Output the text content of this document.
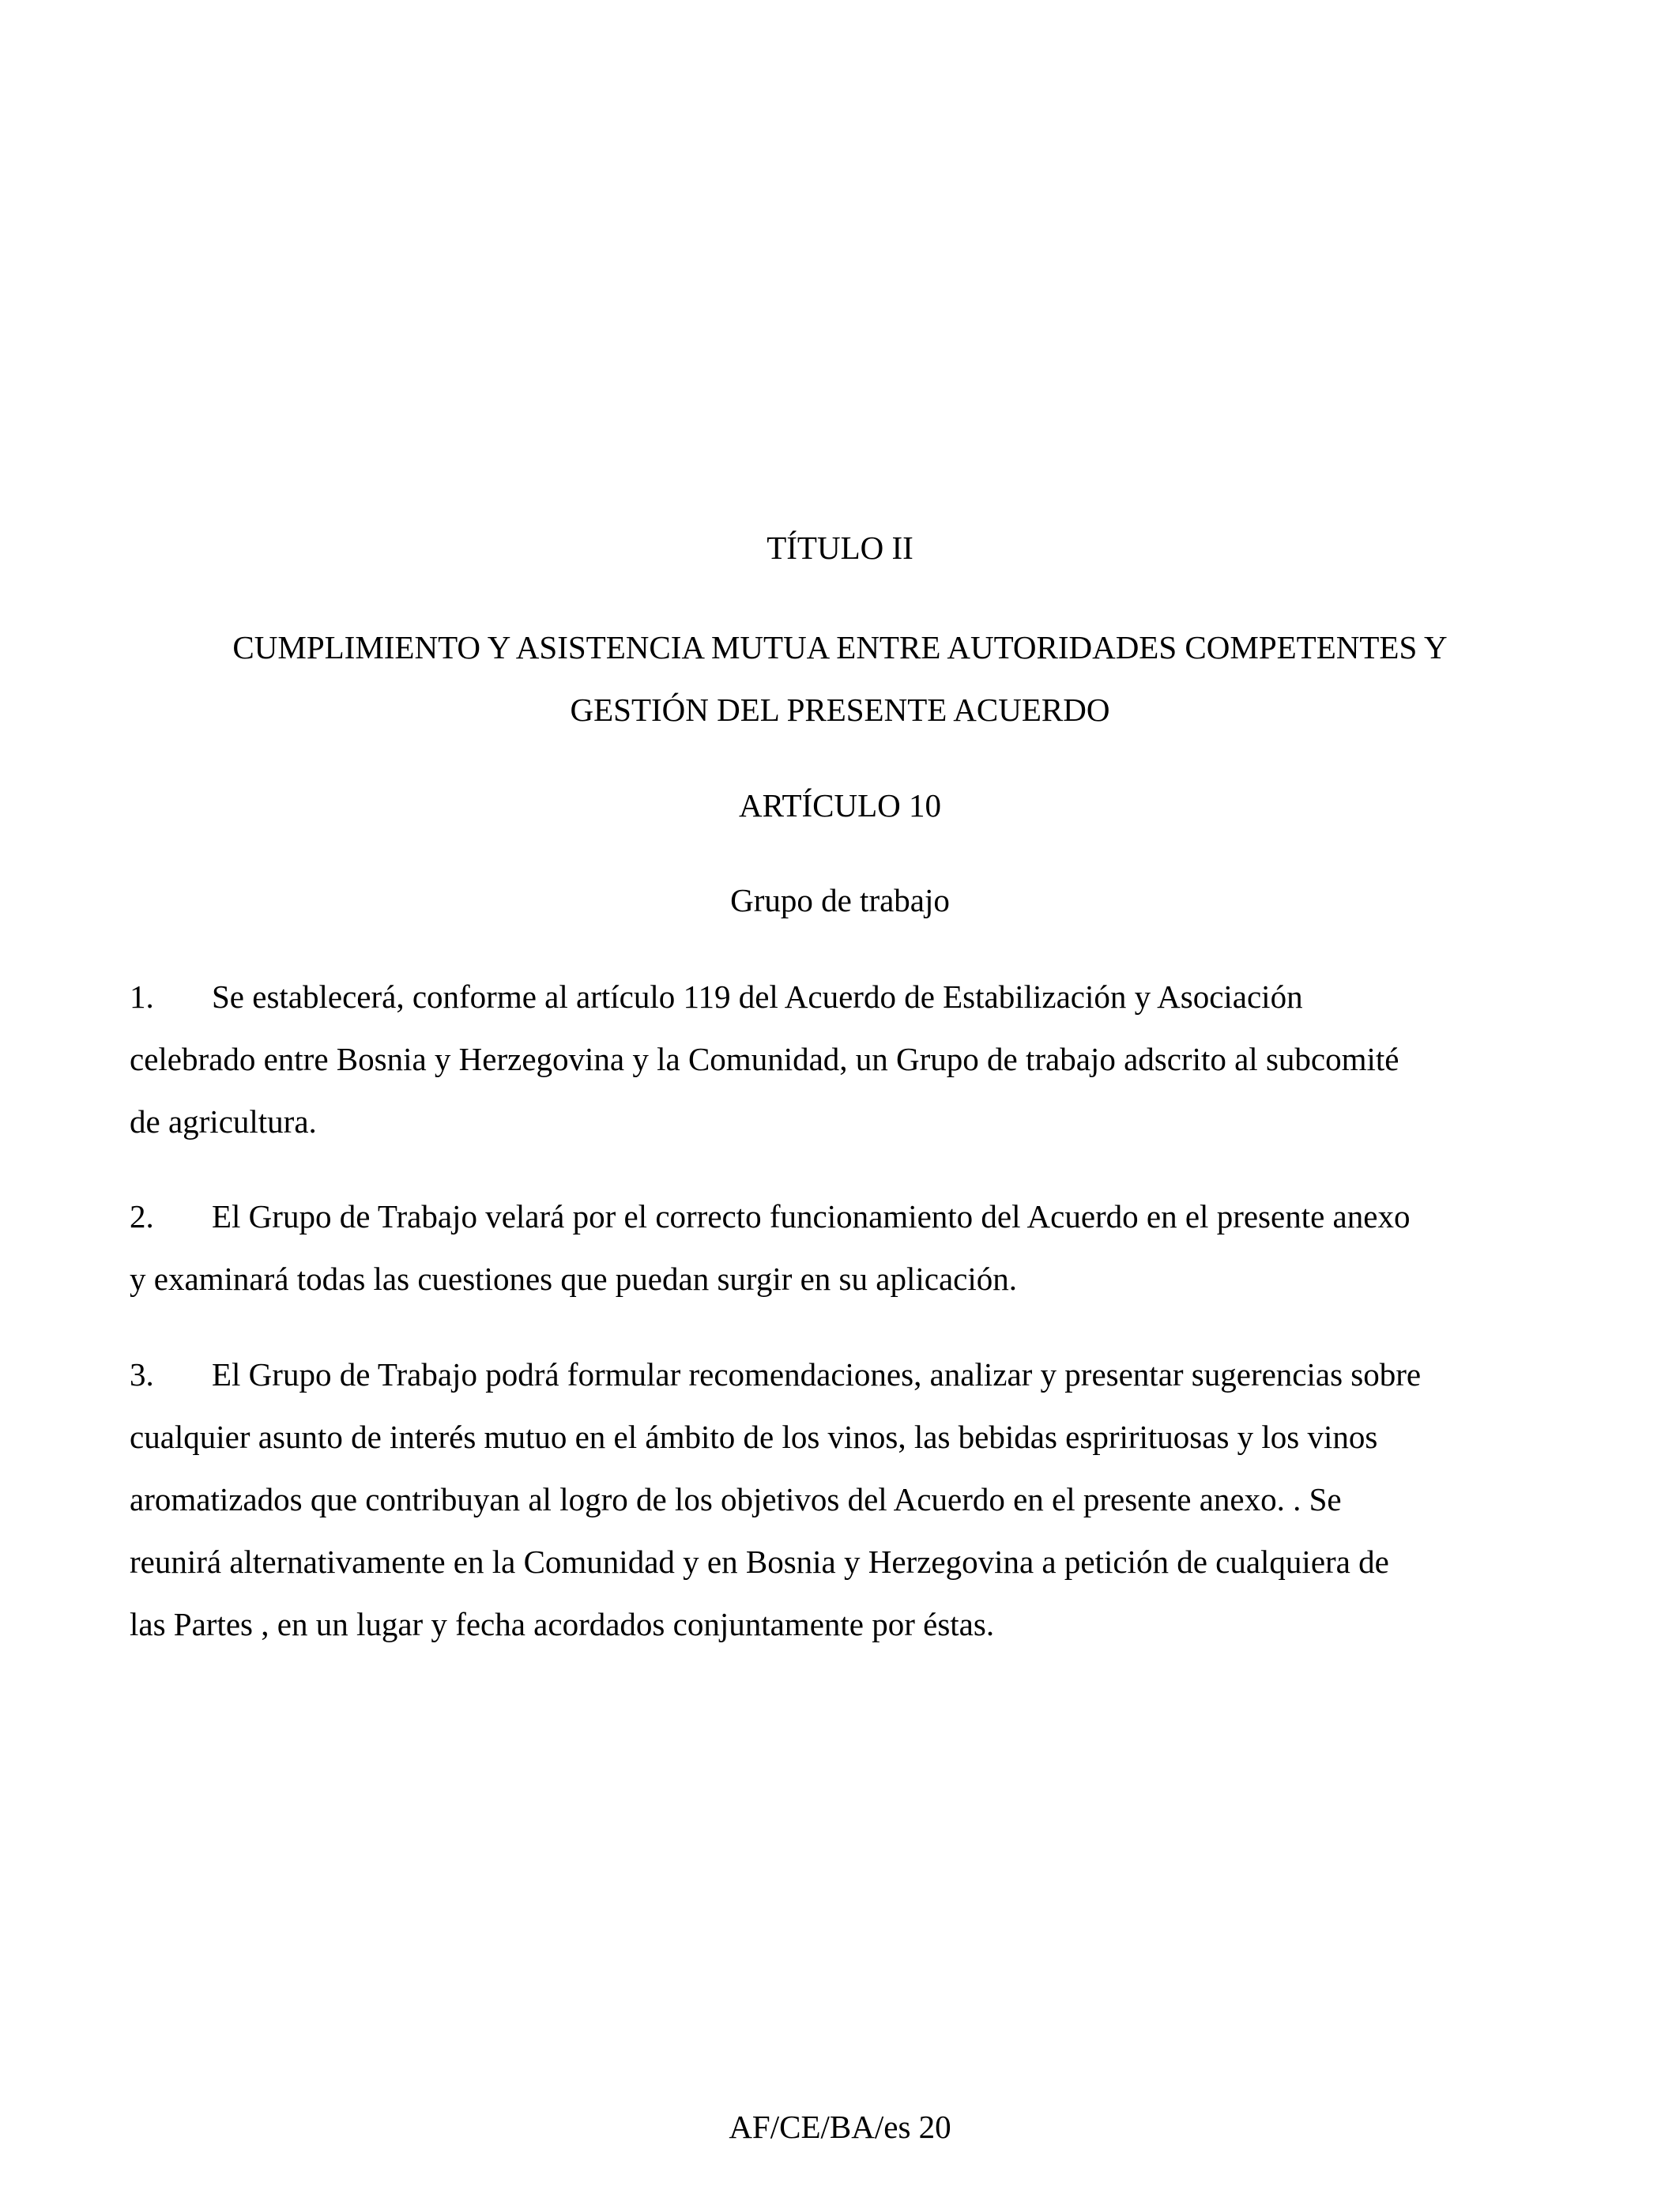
TÍTULO II
CUMPLIMIENTO Y ASISTENCIA MUTUA ENTRE AUTORIDADES COMPETENTES Y
GESTIÓN DEL PRESENTE ACUERDO
ARTÍCULO 10
Grupo de trabajo
1. Se establecerá, conforme al artículo 119 del Acuerdo de Estabilización y Asociación
celebrado entre Bosnia y Herzegovina y la Comunidad, un Grupo de trabajo adscrito al subcomité
de agricultura.
2. El Grupo de Trabajo velará por el correcto funcionamiento del Acuerdo en el presente anexo
y examinará todas las cuestiones que puedan surgir en su aplicación.
3. El Grupo de Trabajo podrá formular recomendaciones, analizar y presentar sugerencias sobre
cualquier asunto de interés mutuo en el ámbito de los vinos, las bebidas esprirituosas y los vinos
aromatizados que contribuyan al logro de los objetivos del Acuerdo en el presente anexo. . Se
reunirá alternativamente en la Comunidad y en Bosnia y Herzegovina a petición de cualquiera de
las Partes , en un lugar y fecha acordados conjuntamente por éstas.
AF/CE/BA/es 20
